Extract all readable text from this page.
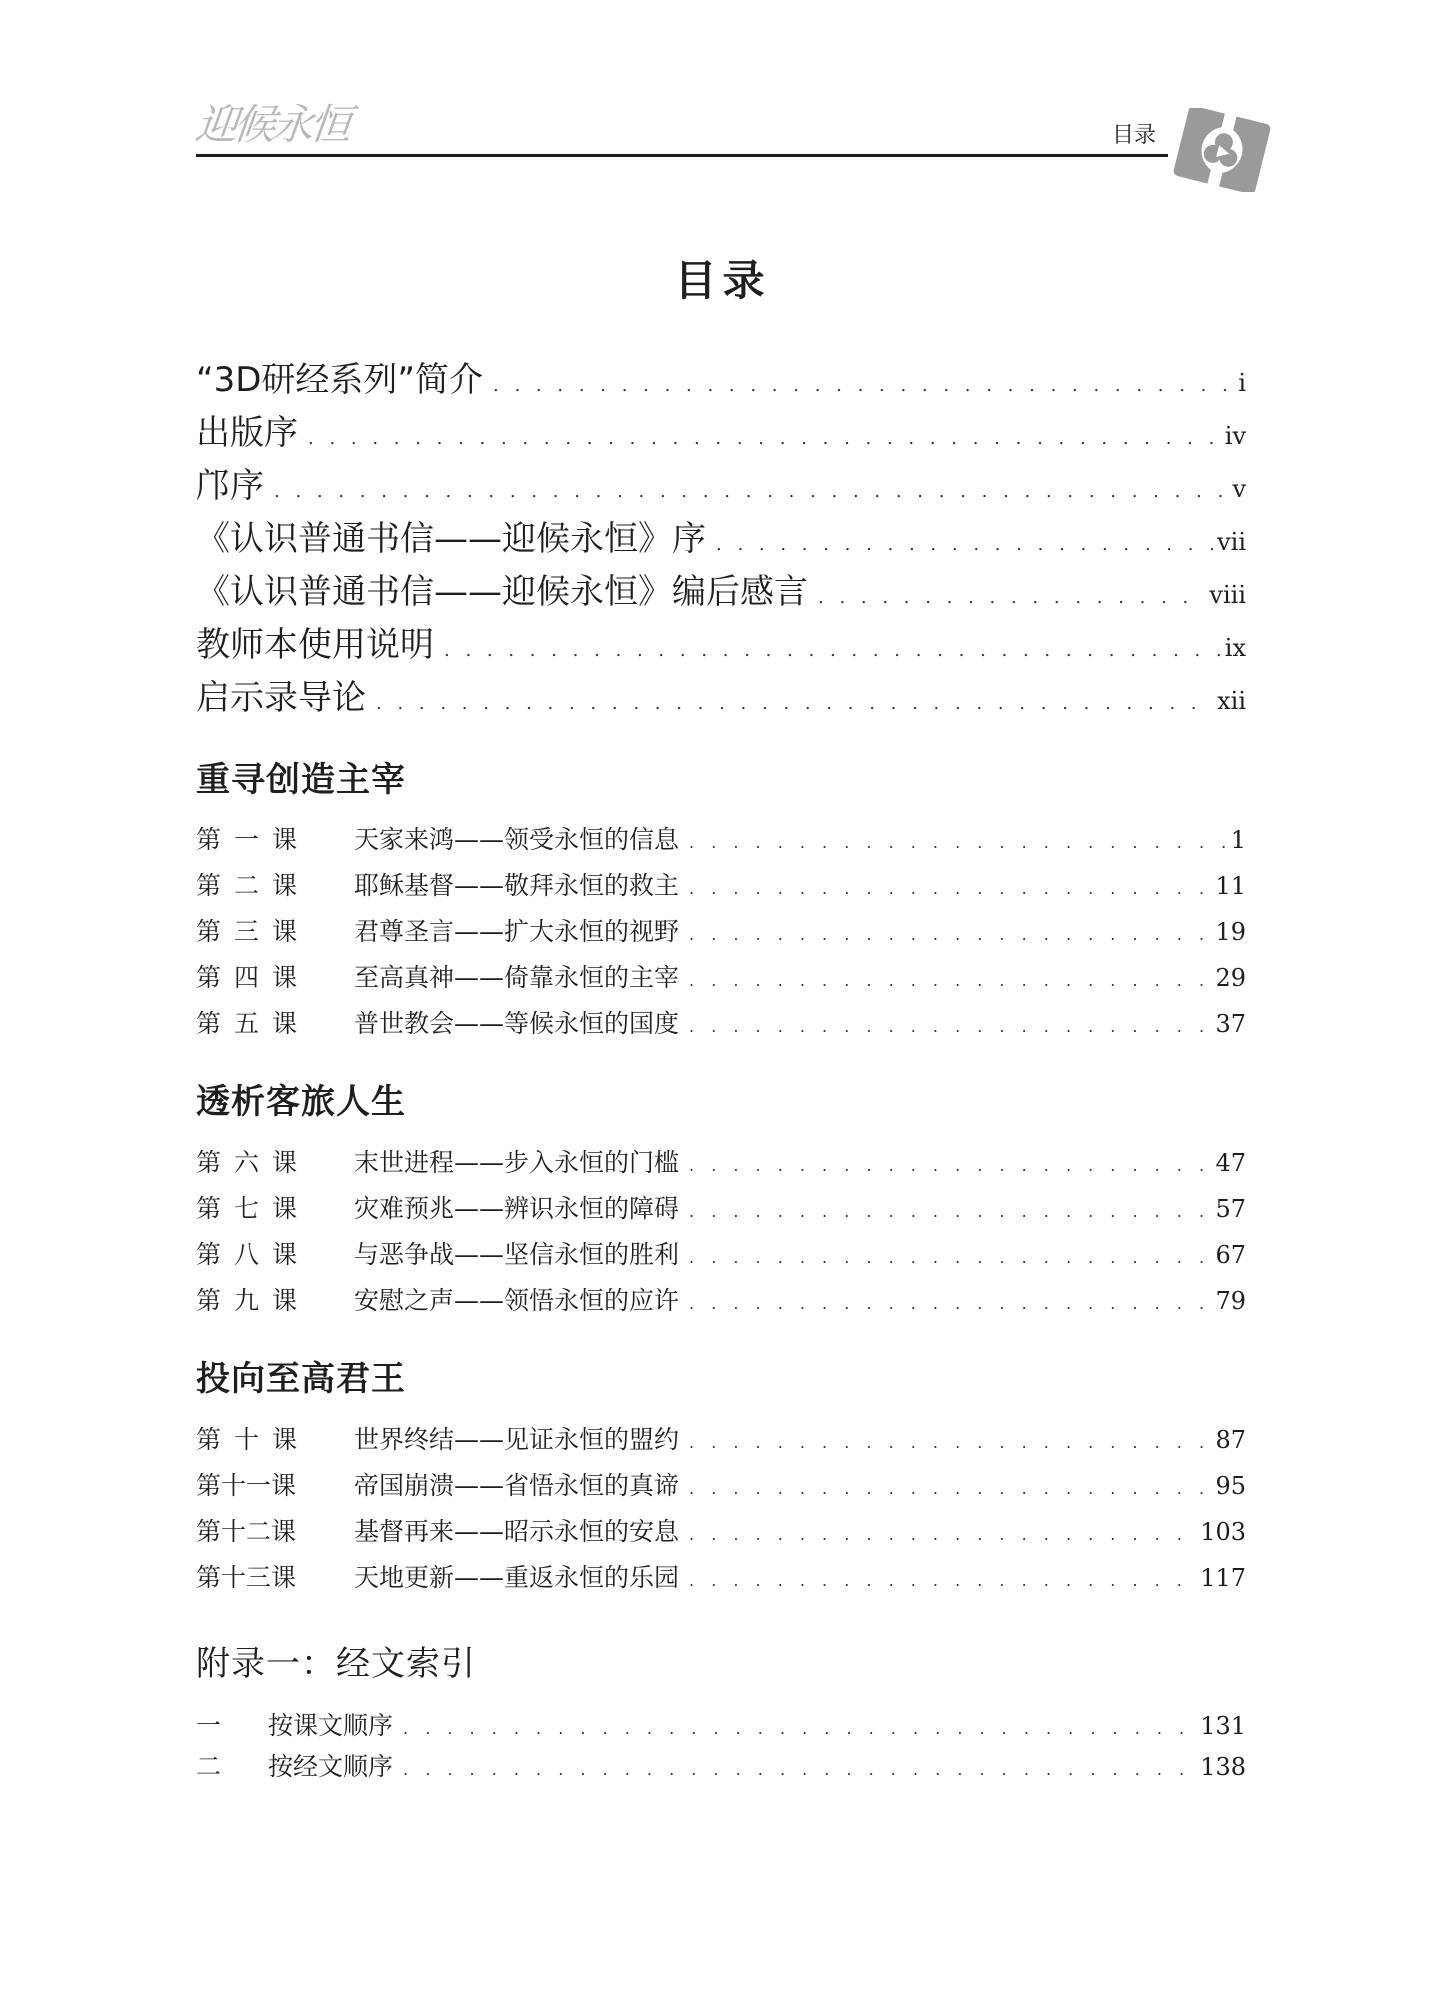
迎候永恒	目录
目录
“3D研经系列”简介 . . .	i
出版序 . . .	iv
邝序 . . .	v
《认识普通书信——迎候永恒》序 . . .	vii
《认识普通书信——迎候永恒》编后感言 . . .	viii
教师本使用说明 . . .	ix
启示录导论 . . .	xii
重寻创造主宰
第一课	天家来鸿——领受永恒的信息 . . .	1
第二课	耶稣基督——敬拜永恒的救主 . . .	11
第三课	君尊圣言——扩大永恒的视野 . . .	19
第四课	至高真神——倚靠永恒的主宰 . . .	29
第五课	普世教会——等候永恒的国度 . . .	37
透析客旅人生
第六课	末世进程——步入永恒的门槛 . . .	47
第七课	灾难预兆——辨识永恒的障碍 . . .	57
第八课	与恶争战——坚信永恒的胜利 . . .	67
第九课	安慰之声——领悟永恒的应许 . . .	79
投向至高君王
第十课	世界终结——见证永恒的盟约 . . .	87
第十一课	帝国崩溃——省悟永恒的真谛 . . .	95
第十二课	基督再来——昭示永恒的安息 . . .	103
第十三课	天地更新——重返永恒的乐园 . . .	117
附录一：经文索引
一	按课文顺序 . . .	131
二	按经文顺序 . . .	138
